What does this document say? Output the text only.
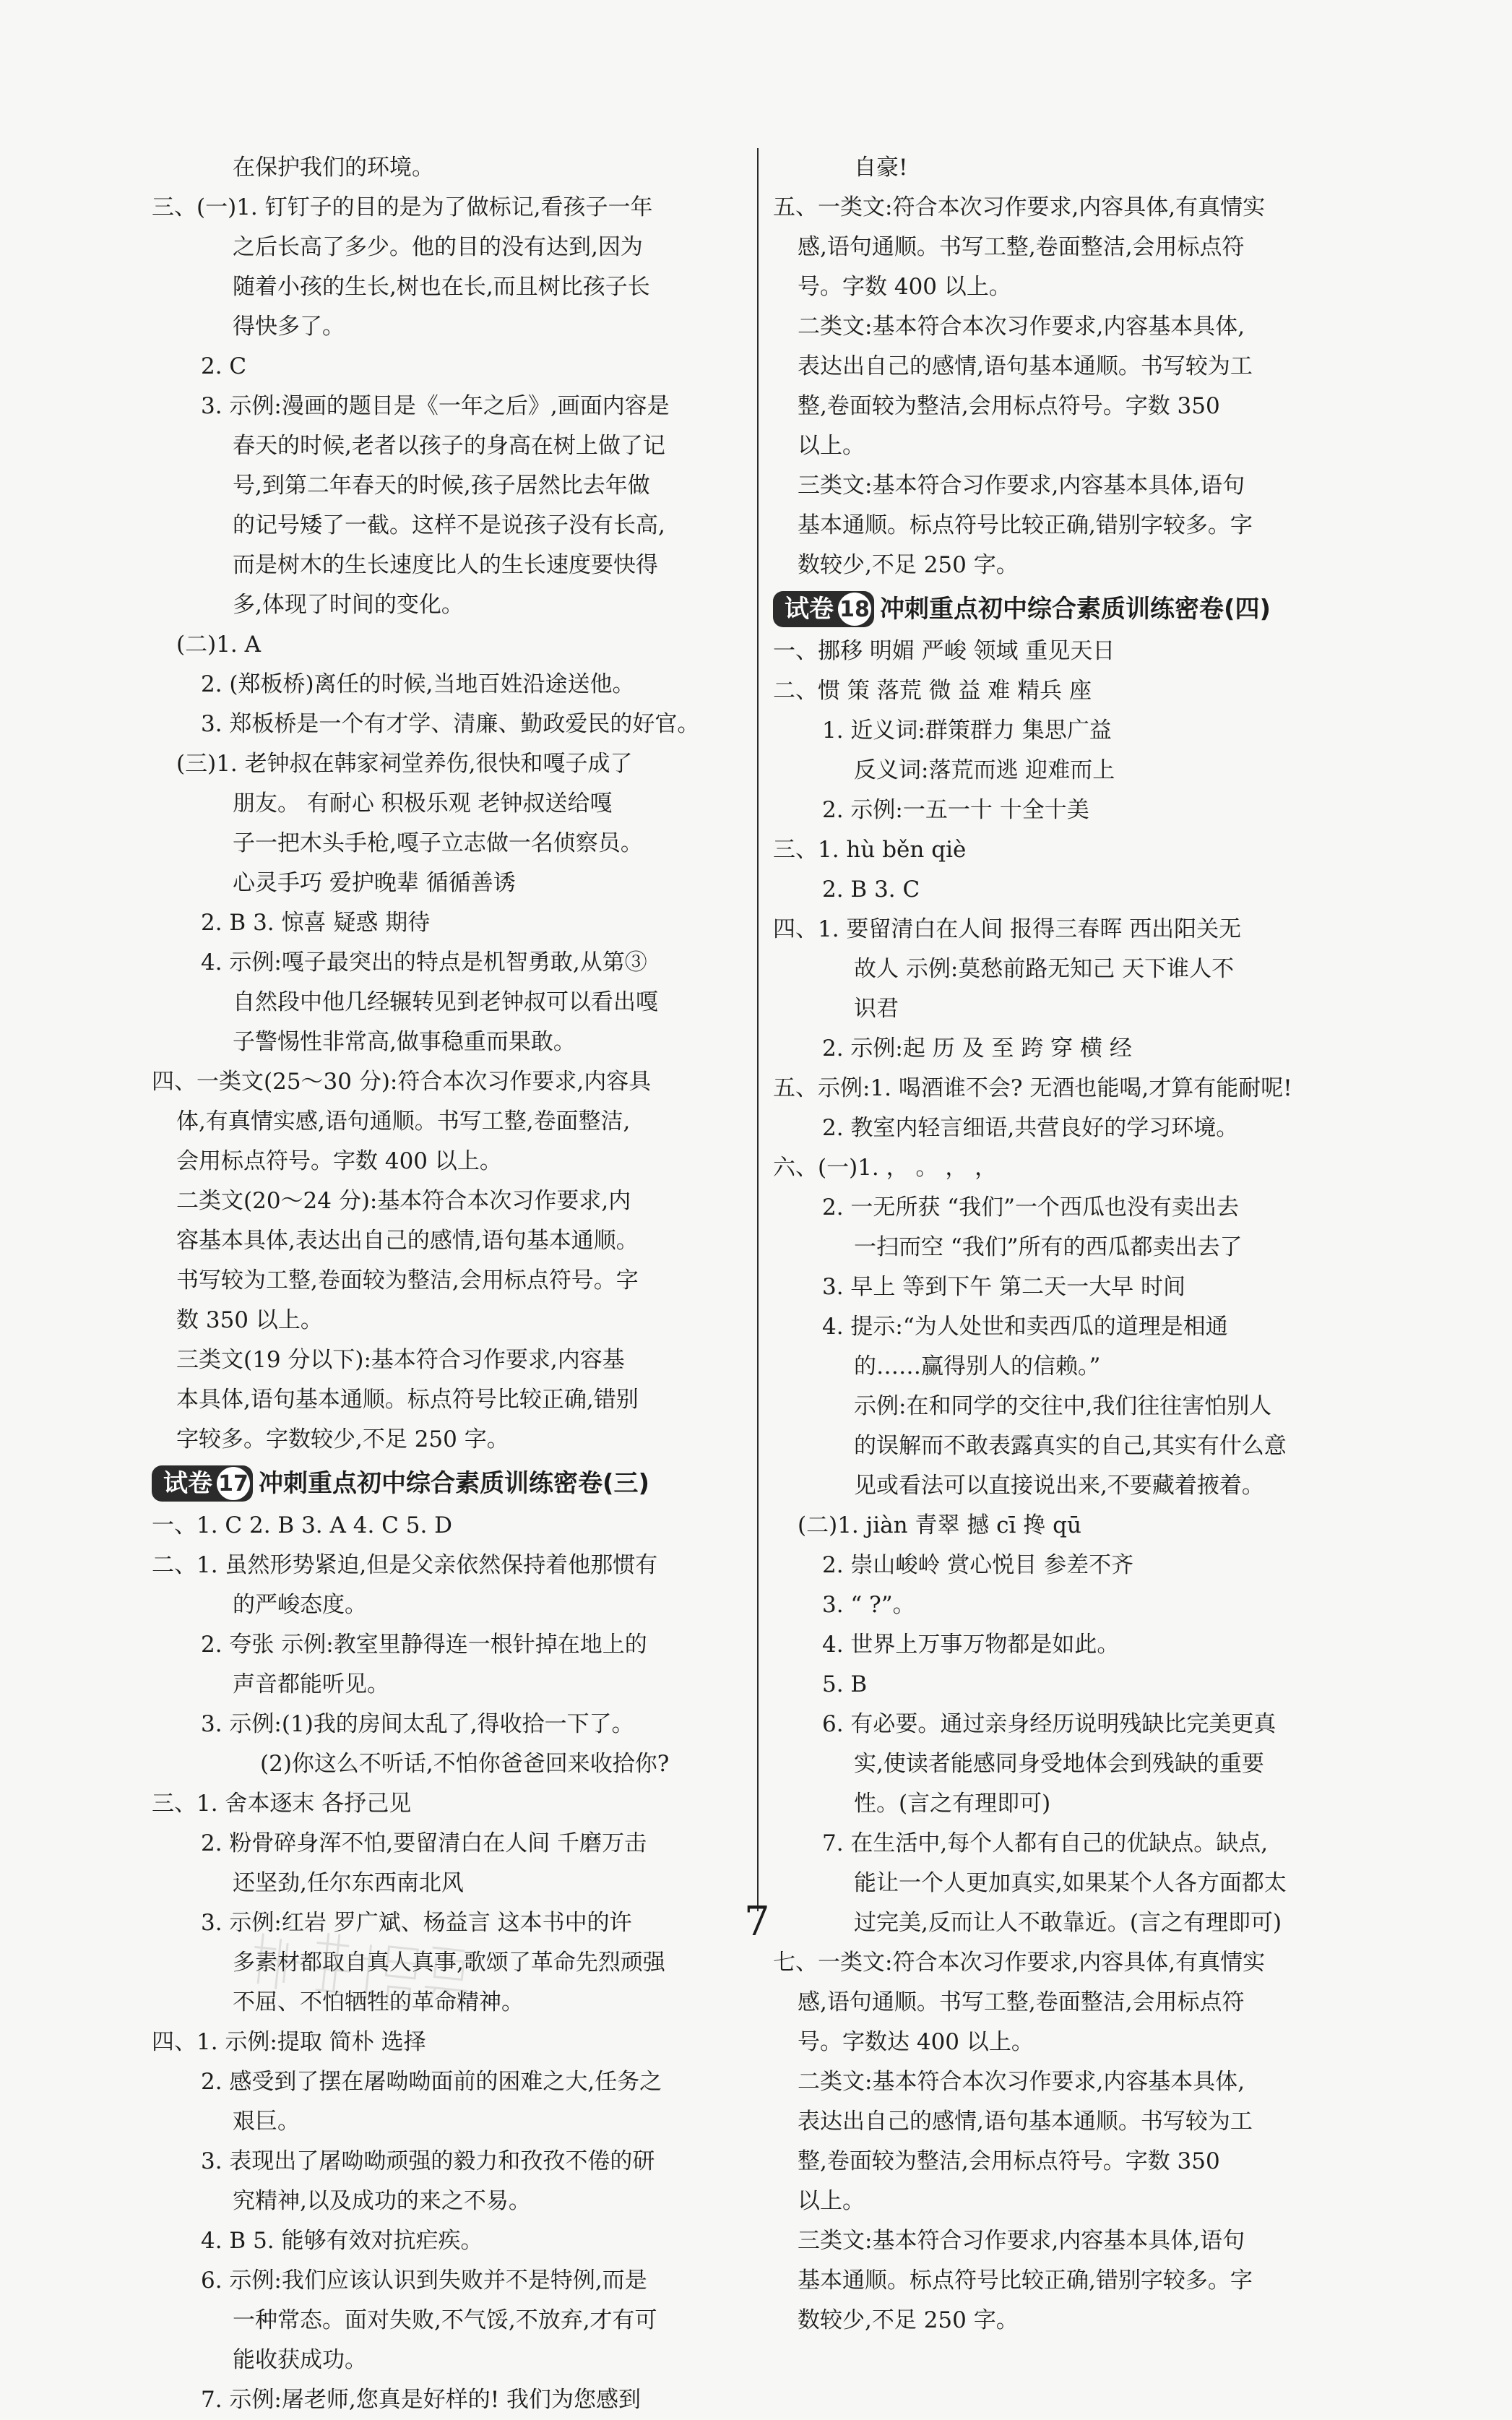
在保护我们的环境。
三、(一)1. 钉钉子的目的是为了做标记,看孩子一年
之后长高了多少。他的目的没有达到,因为
随着小孩的生长,树也在长,而且树比孩子长
得快多了。
2. C
3. 示例:漫画的题目是《一年之后》,画面内容是
春天的时候,老者以孩子的身高在树上做了记
号,到第二年春天的时候,孩子居然比去年做
的记号矮了一截。这样不是说孩子没有长高,
而是树木的生长速度比人的生长速度要快得
多,体现了时间的变化。
(二)1. A
2. (郑板桥)离任的时候,当地百姓沿途送他。
3. 郑板桥是一个有才学、清廉、勤政爱民的好官。
(三)1. 老钟叔在韩家祠堂养伤,很快和嘎子成了
朋友。 有耐心 积极乐观 老钟叔送给嘎
子一把木头手枪,嘎子立志做一名侦察员。
心灵手巧 爱护晚辈 循循善诱
2. B 3. 惊喜 疑惑 期待
4. 示例:嘎子最突出的特点是机智勇敢,从第③
自然段中他几经辗转见到老钟叔可以看出嘎
子警惕性非常高,做事稳重而果敢。
四、一类文(25～30 分):符合本次习作要求,内容具
体,有真情实感,语句通顺。书写工整,卷面整洁,
会用标点符号。字数 400 以上。
二类文(20～24 分):基本符合本次习作要求,内
容基本具体,表达出自己的感情,语句基本通顺。
书写较为工整,卷面较为整洁,会用标点符号。字
数 350 以上。
三类文(19 分以下):基本符合习作要求,内容基
本具体,语句基本通顺。标点符号比较正确,错别
字较多。字数较少,不足 250 字。
试卷 17 冲刺重点初中综合素质训练密卷(三)
一、1. C 2. B 3. A 4. C 5. D
二、1. 虽然形势紧迫,但是父亲依然保持着他那惯有
的严峻态度。
2. 夸张 示例:教室里静得连一根针掉在地上的
声音都能听见。
3. 示例:(1)我的房间太乱了,得收拾一下了。
(2)你这么不听话,不怕你爸爸回来收拾你?
三、1. 舍本逐末 各抒己见
2. 粉骨碎身浑不怕,要留清白在人间 千磨万击
还坚劲,任尔东西南北风
3. 示例:红岩 罗广斌、杨益言 这本书中的许
多素材都取自真人真事,歌颂了革命先烈顽强
不屈、不怕牺牲的革命精神。
四、1. 示例:提取 简朴 选择
2. 感受到了摆在屠呦呦面前的困难之大,任务之
艰巨。
3. 表现出了屠呦呦顽强的毅力和孜孜不倦的研
究精神,以及成功的来之不易。
4. B 5. 能够有效对抗疟疾。
6. 示例:我们应该认识到失败并不是特例,而是
一种常态。面对失败,不气馁,不放弃,才有可
能收获成功。
7. 示例:屠老师,您真是好样的! 我们为您感到
自豪!
五、一类文:符合本次习作要求,内容具体,有真情实
感,语句通顺。书写工整,卷面整洁,会用标点符
号。字数 400 以上。
二类文:基本符合本次习作要求,内容基本具体,
表达出自己的感情,语句基本通顺。书写较为工
整,卷面较为整洁,会用标点符号。字数 350
以上。
三类文:基本符合习作要求,内容基本具体,语句
基本通顺。标点符号比较正确,错别字较多。字
数较少,不足 250 字。
试卷 18 冲刺重点初中综合素质训练密卷(四)
一、挪移 明媚 严峻 领域 重见天日
二、惯 策 落荒 微 益 难 精兵 座
1. 近义词:群策群力 集思广益
反义词:落荒而逃 迎难而上
2. 示例:一五一十 十全十美
三、1. hù běn qiè
2. B 3. C
四、1. 要留清白在人间 报得三春晖 西出阳关无
故人 示例:莫愁前路无知己 天下谁人不
识君
2. 示例:起 历 及 至 跨 穿 横 经
五、示例:1. 喝酒谁不会? 无酒也能喝,才算有能耐呢!
2. 教室内轻言细语,共营良好的学习环境。
六、(一)1. ， 。 ， ，
2. 一无所获 “我们”一个西瓜也没有卖出去
一扫而空 “我们”所有的西瓜都卖出去了
3. 早上 等到下午 第二天一大早 时间
4. 提示:“为人处世和卖西瓜的道理是相通
的……赢得别人的信赖。”
示例:在和同学的交往中,我们往往害怕别人
的误解而不敢表露真实的自己,其实有什么意
见或看法可以直接说出来,不要藏着掖着。
(二)1. jiàn 青翠 撼 cī 搀 qū
2. 崇山峻岭 赏心悦目 参差不齐
3. “ ?”。
4. 世界上万事万物都是如此。
5. B
6. 有必要。通过亲身经历说明残缺比完美更真
实,使读者能感同身受地体会到残缺的重要
性。(言之有理即可)
7. 在生活中,每个人都有自己的优缺点。缺点,
能让一个人更加真实,如果某个人各方面都太
过完美,反而让人不敢靠近。(言之有理即可)
七、一类文:符合本次习作要求,内容具体,有真情实
感,语句通顺。书写工整,卷面整洁,会用标点符
号。字数达 400 以上。
二类文:基本符合本次习作要求,内容基本具体,
表达出自己的感情,语句基本通顺。书写较为工
整,卷面较为整洁,会用标点符号。字数 350
以上。
三类文:基本符合习作要求,内容基本具体,语句
基本通顺。标点符号比较正确,错别字较多。字
数较少,不足 250 字。
7
